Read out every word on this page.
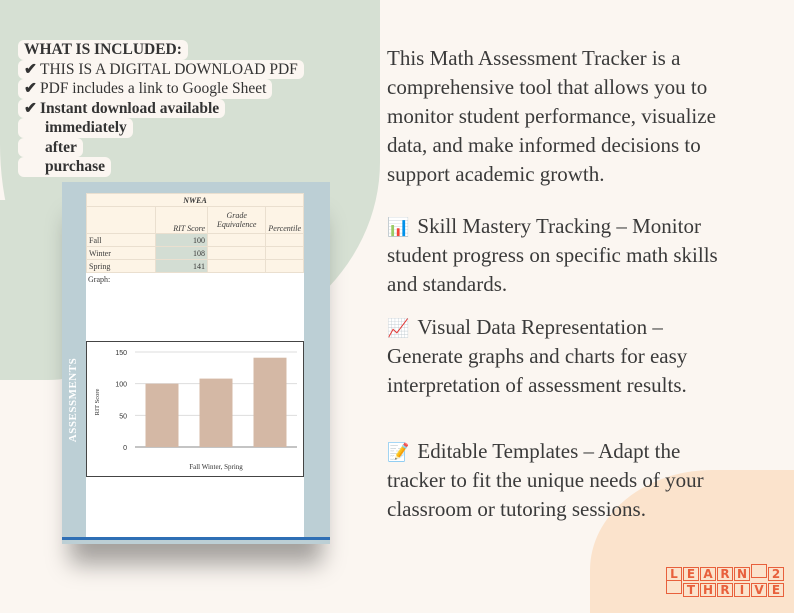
WHAT IS INCLUDED:
✔ THIS IS A DIGITAL DOWNLOAD PDF
✔ PDF includes a link to Google Sheet
✔ Instant download available
immediately
after
purchase
ASSESSMENTS
NWEA			
	RIT Score	Grade Equivalence	Percentile
Fall	100		
Winter	108		
Spring	141		
Graph:
0
50
100
150
Fall Winter, Spring
RIT Score
This Math Assessment Tracker is a
comprehensive tool that allows you to
monitor student performance, visualize
data, and make informed decisions to
support academic growth.
📊 Skill Mastery Tracking – Monitor
student progress on specific math skills
and standards.
📈 Visual Data Representation –
Generate graphs and charts for easy
interpretation of assessment results.
📝 Editable Templates – Adapt the
tracker to fit the unique needs of your
classroom or tutoring sessions.
L E A R N 2
T H R I V E
